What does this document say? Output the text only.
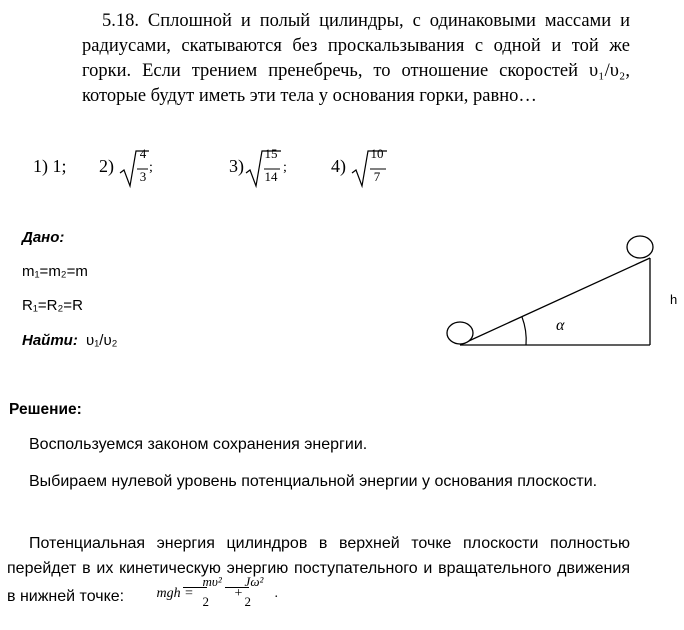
5.18. Сплошной и полый цилиндры, с одинаковыми массами и радиусами, скатываются без проскальзывания с одной и той же горки. Если трением пренебречь, то отношение скоростей υ₁/υ₂, которые будут иметь эти тела у основания горки, равно…
1) 1; 2)
4
3
;	3)
15
14
; 4)
10
7
Дано:
m₁=m₂=m
R₁=R₂=R
Найти: υ₁/υ₂
α
h
Решение:
Воспользуемся законом сохранения энергии.
Выбираем нулевой уровень потенциальной энергии у основания плоскости.
Потенциальная энергия цилиндров в верхней точке плоскости полностью перейдет в их кинетическую энергию поступательного и вращательного движения в нижней точке:	mgh =
mυ²
2
+
Jω²
2
.
